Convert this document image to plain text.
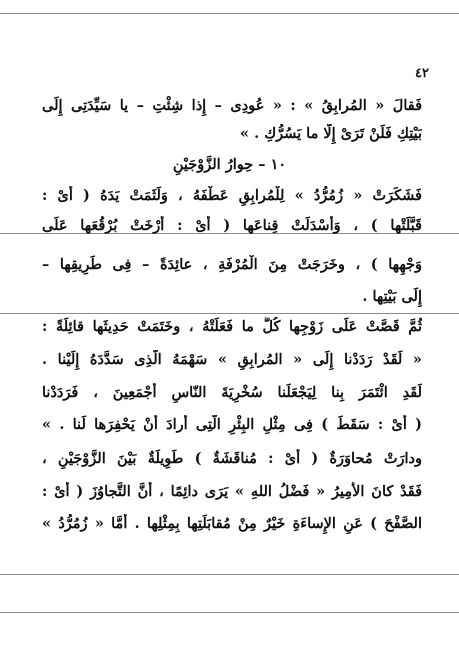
٤٢
فَقالَ « المُرابِقُ » : « عُودِى – إِذا شِئْتِ – يا سَيِّدَتِى إِلَى
بَيْتِكِ فَلَنْ تَرَىْ إِلّا ما يَسُرُّكِ . »
١٠ – حِوارُ الزَّوْجَيْنِ
فَشَكَرَتْ « زُمُرُّدُ » لِلْمُرابِقِ عَطْفَهُ ، وَلَثَمَتْ يَدَهُ ( أَىْ :
قَبَّلَتْها ) ، وَأَسْدَلَتْ قِناعَها ( أَىْ : أَرْخَتْ بُرْقُعَها عَلَى
وَجْهِها ) ، وخَرَجَتْ مِنَ الْمُرْفَةِ ، عائِدَةً – فِى طَرِيقِها –
إِلَى بَيْتِها .
ثُمَّ قَصَّتْ عَلَى زَوْجِها كُلَّ ما فَعَلَتْهُ ، وخَتَمَتْ حَدِيثَها قائِلَةً :
« لَقَدْ رَدَدْنا إِلَى « المُرابِقِ » سَهْمَهُ الَّذِى سَدَّدَهُ إِلَيْنا .
لَقَدِ ائْتَمَرَ بِنا لِيَجْعَلَنا سُخْرِيَةَ النّاسِ أَجْمَعِينَ ، فَرَدَدْنا
( أَىْ : سَقَطَ ) فِى مِثْلِ البِئْرِ الَّتِى أَرادَ أَنْ يَحْفِرَها لَنا . »
ودارَتْ مُحاوَرَةٌ ( أَىْ : مُناقَشَةٌ ) طَوِيلَةٌ بَيْنَ الزَّوْجَيْنِ ،
فَقَدْ كانَ الأَمِيرُ « فَضْلُ اللهِ » يَرَى دائِمًا ، أَنَّ التَّجاوُزَ ( أَىْ :
الصَّفْحَ ) عَنِ الإِساءَةِ خَيْرٌ مِنْ مُقابَلَتِها بِمِثْلِها . أَمَّا « زُمُرُّدُ »
